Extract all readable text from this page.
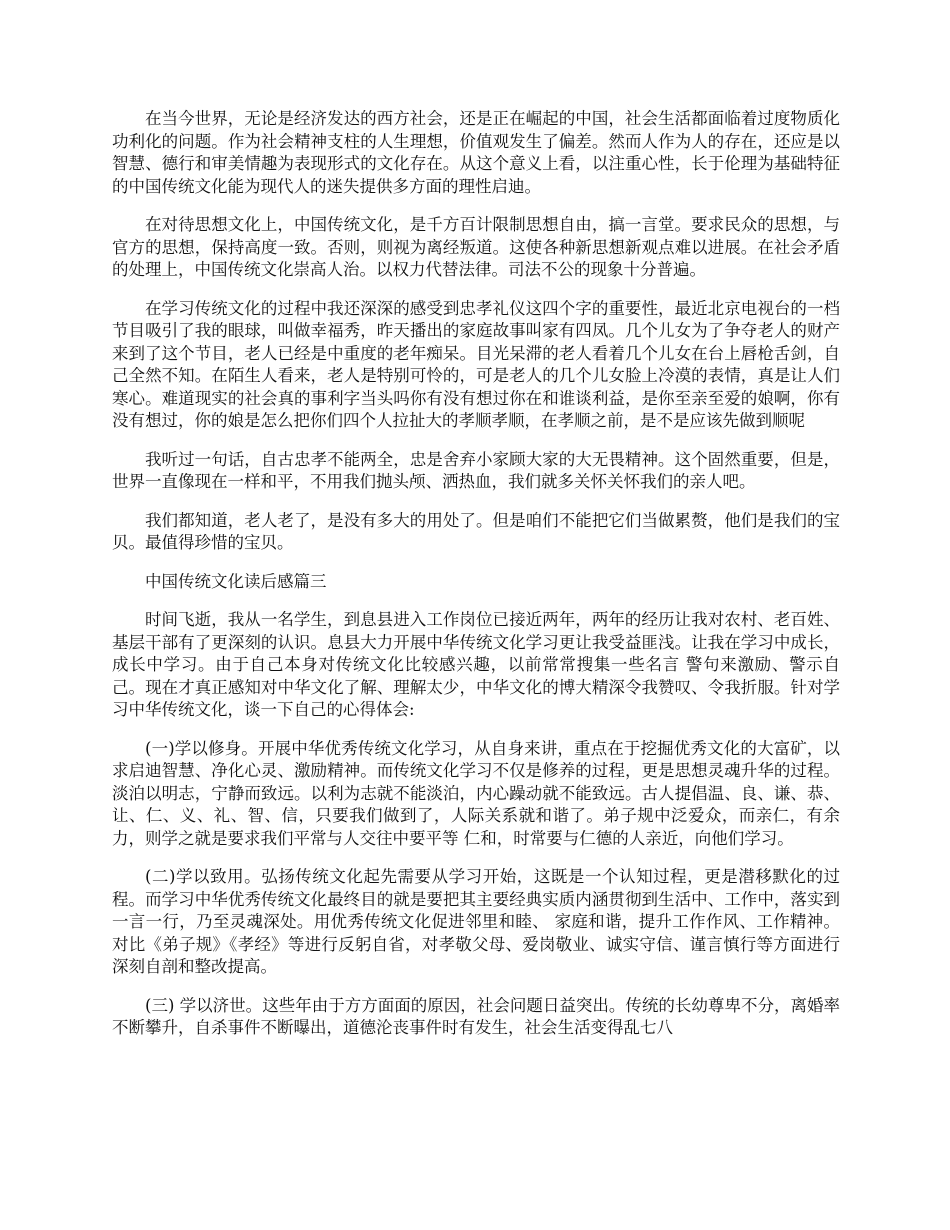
在当今世界，无论是经济发达的西方社会，还是正在崛起的中国，社会生活都面临着过度物质化功利化的问题。作为社会精神支柱的人生理想，价值观发生了偏差。然而人作为人的存在，还应是以智慧、德行和审美情趣为表现形式的文化存在。从这个意义上看，以注重心性，长于伦理为基础特征的中国传统文化能为现代人的迷失提供多方面的理性启迪。

在对待思想文化上，中国传统文化，是千方百计限制思想自由，搞一言堂。要求民众的思想，与官方的思想，保持高度一致。否则，则视为离经叛道。这使各种新思想新观点难以进展。在社会矛盾的处理上，中国传统文化崇高人治。以权力代替法律。司法不公的现象十分普遍。

在学习传统文化的过程中我还深深的感受到忠孝礼仪这四个字的重要性，最近北京电视台的一档节目吸引了我的眼球，叫做幸福秀，昨天播出的家庭故事叫家有四凤。几个儿女为了争夺老人的财产来到了这个节目，老人已经是中重度的老年痴呆。目光呆滞的老人看着几个儿女在台上唇枪舌剑，自己全然不知。在陌生人看来，老人是特别可怜的，可是老人的几个儿女脸上冷漠的表情，真是让人们寒心。难道现实的社会真的事利字当头吗你有没有想过你在和谁谈利益，是你至亲至爱的娘啊，你有没有想过，你的娘是怎么把你们四个人拉扯大的孝顺孝顺，在孝顺之前，是不是应该先做到顺呢

我听过一句话，自古忠孝不能两全，忠是舍弃小家顾大家的大无畏精神。这个固然重要，但是，世界一直像现在一样和平，不用我们抛头颅、洒热血，我们就多关怀关怀我们的亲人吧。

我们都知道，老人老了，是没有多大的用处了。但是咱们不能把它们当做累赘，他们是我们的宝贝。最值得珍惜的宝贝。

中国传统文化读后感篇三

时间飞逝，我从一名学生，到息县进入工作岗位已接近两年，两年的经历让我对农村、老百姓、基层干部有了更深刻的认识。息县大力开展中华传统文化学习更让我受益匪浅。让我在学习中成长，成长中学习。由于自己本身对传统文化比较感兴趣，以前常常搜集一些名言 警句来激励、警示自己。现在才真正感知对中华文化了解、理解太少，中华文化的博大精深令我赞叹、令我折服。针对学习中华传统文化，谈一下自己的心得体会:

(一)学以修身。开展中华优秀传统文化学习，从自身来讲，重点在于挖掘优秀文化的大富矿，以求启迪智慧、净化心灵、激励精神。而传统文化学习不仅是修养的过程，更是思想灵魂升华的过程。淡泊以明志，宁静而致远。以利为志就不能淡泊，内心躁动就不能致远。古人提倡温、良、谦、恭、让、仁、义、礼、智、信，只要我们做到了，人际关系就和谐了。弟子规中泛爱众，而亲仁，有余力，则学之就是要求我们平常与人交往中要平等 仁和，时常要与仁德的人亲近，向他们学习。

(二)学以致用。弘扬传统文化起先需要从学习开始，这既是一个认知过程，更是潜移默化的过程。而学习中华优秀传统文化最终目的就是要把其主要经典实质内涵贯彻到生活中、工作中，落实到一言一行，乃至灵魂深处。用优秀传统文化促进邻里和睦、 家庭和谐，提升工作作风、工作精神。对比《弟子规》《孝经》等进行反躬自省，对孝敬父母、爱岗敬业、诚实守信、谨言慎行等方面进行深刻自剖和整改提高。

(三) 学以济世。这些年由于方方面面的原因，社会问题日益突出。传统的长幼尊卑不分，离婚率不断攀升，自杀事件不断曝出，道德沦丧事件时有发生，社会生活变得乱七八
